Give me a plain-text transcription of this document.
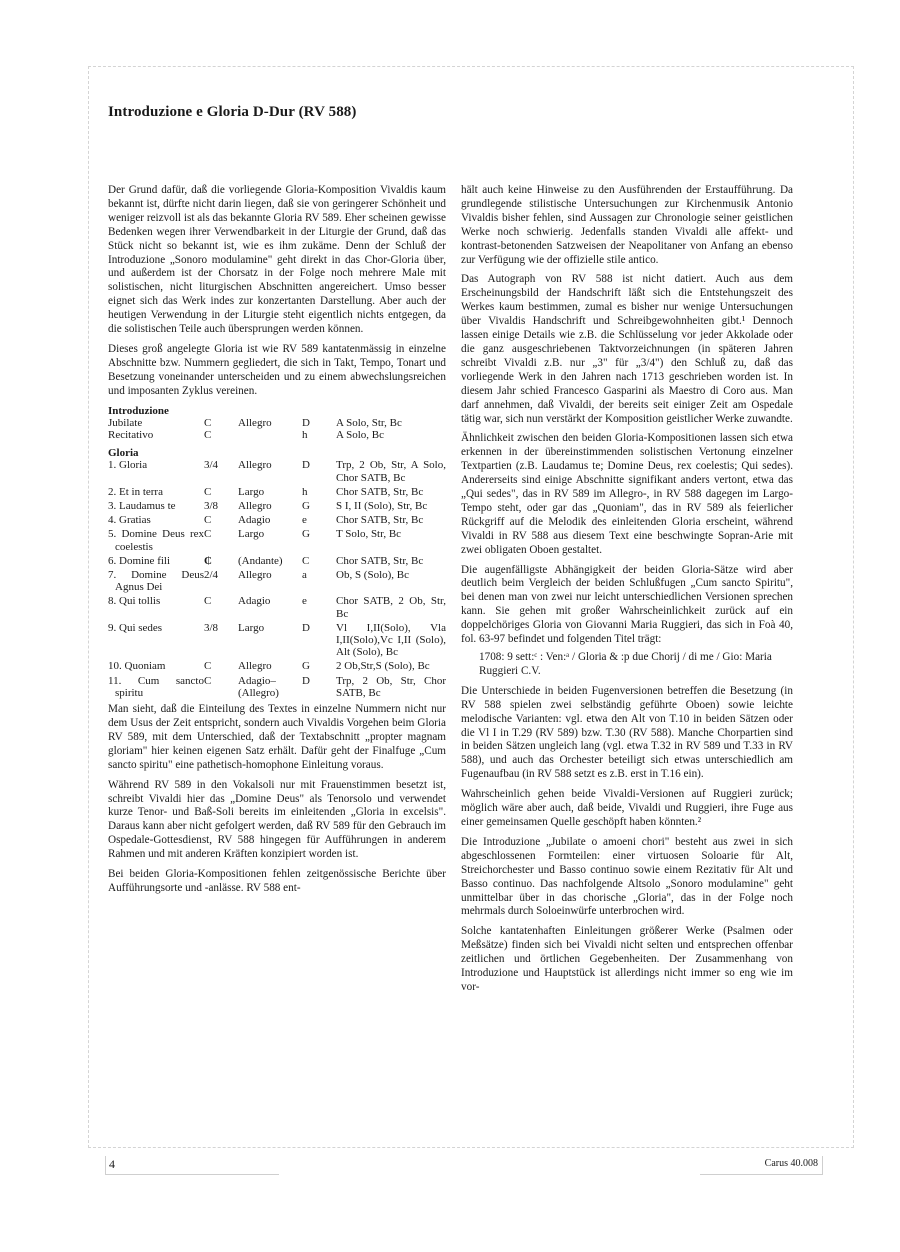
Introduzione e Gloria D-Dur (RV 588)

Der Grund dafür, daß die vorliegende Gloria-Komposition Vivaldis kaum bekannt ist, dürfte nicht darin liegen, daß sie von geringerer Schönheit und weniger reizvoll ist als das bekannte Gloria RV 589. Eher scheinen gewisse Bedenken wegen ihrer Verwendbarkeit in der Liturgie der Grund, daß das Stück nicht so bekannt ist, wie es ihm zukäme. Denn der Schluß der Introduzione „Sonoro modulamine" geht direkt in das Chor-Gloria über, und außerdem ist der Chorsatz in der Folge noch mehrere Male mit solistischen, nicht liturgischen Abschnitten angereichert. Umso besser eignet sich das Werk indes zur konzertanten Darstellung. Aber auch der heutigen Verwendung in der Liturgie steht eigentlich nichts entgegen, da die solistischen Teile auch übersprungen werden können.

Dieses groß angelegte Gloria ist wie RV 589 kantatenmässig in einzelne Abschnitte bzw. Nummern gegliedert, die sich in Takt, Tempo, Tonart und Besetzung voneinander unterscheiden und zu einem abwechslungsreichen und imposanten Zyklus vereinen.

Introduzione				
Jubilate	C	Allegro	D	A Solo, Str, Bc
Recitativo	C		h	A Solo, Bc
Gloria				

1. Gloria	3/4	Allegro	D	Trp, 2 Ob, Str, A Solo, Chor SATB, Bc

2. Et in terra	C	Largo	h	Chor SATB, Str, Bc

3. Laudamus te	3/8	Allegro	G	S I, II (Solo), Str, Bc

4. Gratias	C	Adagio	e	Chor SATB, Str, Bc

5. Domine Deus rex coelestis	C	Largo	G	T Solo, Str, Bc

6. Domine fili	₵	(Andante)	C	Chor SATB, Str, Bc

7. Domine Deus Agnus Dei	2/4	Allegro	a	Ob, S (Solo), Bc

8. Qui tollis	C	Adagio	e	Chor SATB, 2 Ob, Str, Bc

9. Qui sedes	3/8	Largo	D	Vl I,II(Solo), Vla I,II(Solo),Vc I,II (Solo), Alt (Solo), Bc

10. Quoniam	C	Allegro	G	2 Ob,Str,S (Solo), Bc

11. Cum sancto spiritu	C	Adagio–(Allegro)	D	Trp, 2 Ob, Str, Chor SATB, Bc

Man sieht, daß die Einteilung des Textes in einzelne Nummern nicht nur dem Usus der Zeit entspricht, sondern auch Vivaldis Vorgehen beim Gloria RV 589, mit dem Unterschied, daß der Textabschnitt „propter magnam gloriam" hier keinen eigenen Satz erhält. Dafür geht der Finalfuge „Cum sancto spiritu" eine pathetisch-homophone Einleitung voraus.

Während RV 589 in den Vokalsoli nur mit Frauenstimmen besetzt ist, schreibt Vivaldi hier das „Domine Deus" als Tenorsolo und verwendet kurze Tenor- und Baß-Soli bereits im einleitenden „Gloria in excelsis". Daraus kann aber nicht gefolgert werden, daß RV 589 für den Gebrauch im Ospedale-Gottesdienst, RV 588 hingegen für Aufführungen in anderem Rahmen und mit anderen Kräften konzipiert worden ist.

Bei beiden Gloria-Kompositionen fehlen zeitgenössische Berichte über Aufführungsorte und -anlässe. RV 588 ent-

hält auch keine Hinweise zu den Ausführenden der Erstaufführung. Da grundlegende stilistische Untersuchungen zur Kirchenmusik Antonio Vivaldis bisher fehlen, sind Aussagen zur Chronologie seiner geistlichen Werke noch schwierig. Jedenfalls standen Vivaldi alle affekt- und kontrast-betonenden Satzweisen der Neapolitaner von Anfang an ebenso zur Verfügung wie der offizielle stile antico.

Das Autograph von RV 588 ist nicht datiert. Auch aus dem Erscheinungsbild der Handschrift läßt sich die Entstehungszeit des Werkes kaum bestimmen, zumal es bisher nur wenige Untersuchungen über Vivaldis Handschrift und Schreibgewohnheiten gibt.¹ Dennoch lassen einige Details wie z.B. die Schlüsselung vor jeder Akkolade oder die ganz ausgeschriebenen Taktvorzeichnungen (in späteren Jahren schreibt Vivaldi z.B. nur „3" für „3/4") den Schluß zu, daß das vorliegende Werk in den Jahren nach 1713 geschrieben worden ist. In diesem Jahr schied Francesco Gasparini als Maestro di Coro aus. Man darf annehmen, daß Vivaldi, der bereits seit einiger Zeit am Ospedale tätig war, sich nun verstärkt der Komposition geistlicher Werke zuwandte.

Ähnlichkeit zwischen den beiden Gloria-Kompositionen lassen sich etwa erkennen in der übereinstimmenden solistischen Vertonung einzelner Textpartien (z.B. Laudamus te; Domine Deus, rex coelestis; Qui sedes). Andererseits sind einige Abschnitte signifikant anders vertont, etwa das „Qui sedes", das in RV 589 im Allegro-, in RV 588 dagegen im Largo-Tempo steht, oder gar das „Quoniam", das in RV 589 als feierlicher Rückgriff auf die Melodik des einleitenden Gloria erscheint, während Vivaldi in RV 588 aus diesem Text eine beschwingte Sopran-Arie mit zwei obligaten Oboen gestaltet.

Die augenfälligste Abhängigkeit der beiden Gloria-Sätze wird aber deutlich beim Vergleich der beiden Schlußfugen „Cum sancto Spiritu", bei denen man von zwei nur leicht unterschiedlichen Versionen sprechen kann. Sie gehen mit großer Wahrscheinlichkeit zurück auf ein doppelchöriges Gloria von Giovanni Maria Ruggieri, das sich in Foà 40, fol. 63-97 befindet und folgenden Titel trägt:

1708: 9 sett:ᶜ : Ven:ᵃ / Gloria & :p due Chorij / di me / Gio: Maria Ruggieri C.V.

Die Unterschiede in beiden Fugenversionen betreffen die Besetzung (in RV 588 spielen zwei selbständig geführte Oboen) sowie leichte melodische Varianten: vgl. etwa den Alt von T.10 in beiden Sätzen oder die Vl I in T.29 (RV 589) bzw. T.30 (RV 588). Manche Chorpartien sind in beiden Sätzen ungleich lang (vgl. etwa T.32 in RV 589 und T.33 in RV 588), und auch das Orchester beteiligt sich etwas unterschiedlich am Fugenaufbau (in RV 588 setzt es z.B. erst in T.16 ein).

Wahrscheinlich gehen beide Vivaldi-Versionen auf Ruggieri zurück; möglich wäre aber auch, daß beide, Vivaldi und Ruggieri, ihre Fuge aus einer gemeinsamen Quelle geschöpft haben könnten.²

Die Introduzione „Jubilate o amoeni chori" besteht aus zwei in sich abgeschlossenen Formteilen: einer virtuosen Soloarie für Alt, Streichorchester und Basso continuo sowie einem Rezitativ für Alt und Basso continuo. Das nachfolgende Altsolo „Sonoro modulamine" geht unmittelbar über in das chorische „Gloria", das in der Folge noch mehrmals durch Soloeinwürfe unterbrochen wird.

Solche kantatenhaften Einleitungen größerer Werke (Psalmen oder Meßsätze) finden sich bei Vivaldi nicht selten und entsprechen offenbar zeitlichen und örtlichen Gegebenheiten. Der Zusammenhang von Introduzione und Hauptstück ist allerdings nicht immer so eng wie im vor-

4	Carus 40.008
